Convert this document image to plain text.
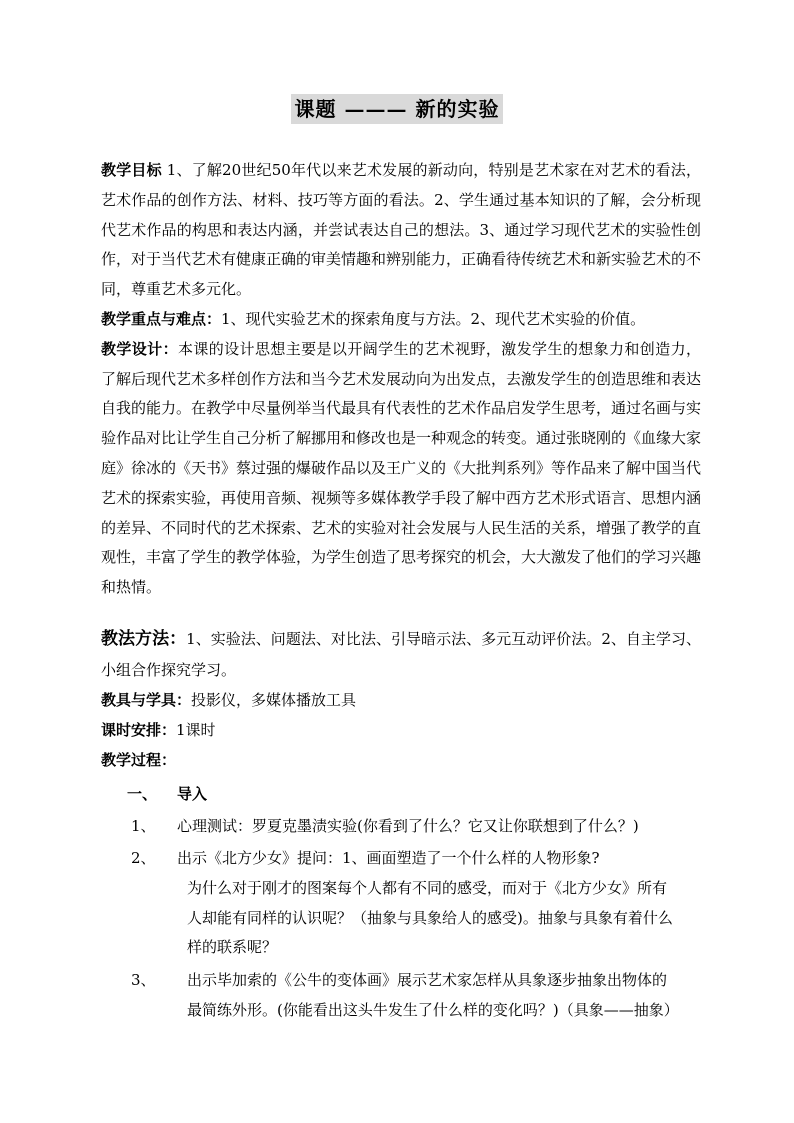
课题 ——— 新的实验

教学目标 1、了解20世纪50年代以来艺术发展的新动向，特别是艺术家在对艺术的看法，艺术作品的创作方法、材料、技巧等方面的看法。2、学生通过基本知识的了解，会分析现代艺术作品的构思和表达内涵，并尝试表达自己的想法。3、通过学习现代艺术的实验性创作，对于当代艺术有健康正确的审美情趣和辨别能力，正确看待传统艺术和新实验艺术的不同，尊重艺术多元化。

教学重点与难点：1、现代实验艺术的探索角度与方法。2、现代艺术实验的价值。

教学设计：本课的设计思想主要是以开阔学生的艺术视野，激发学生的想象力和创造力，了解后现代艺术多样创作方法和当今艺术发展动向为出发点，去激发学生的创造思维和表达自我的能力。在教学中尽量例举当代最具有代表性的艺术作品启发学生思考，通过名画与实验作品对比让学生自己分析了解挪用和修改也是一种观念的转变。通过张晓刚的《血缘大家庭》徐冰的《天书》蔡过强的爆破作品以及王广义的《大批判系列》等作品来了解中国当代艺术的探索实验，再使用音频、视频等多媒体教学手段了解中西方艺术形式语言、思想内涵的差异、不同时代的艺术探索、艺术的实验对社会发展与人民生活的关系，增强了教学的直观性，丰富了学生的教学体验，为学生创造了思考探究的机会，大大激发了他们的学习兴趣和热情。

教法方法：1、实验法、问题法、对比法、引导暗示法、多元互动评价法。2、自主学习、小组合作探究学习。

教具与学具：投影仪，多媒体播放工具

课时安排：1课时

教学过程：

一、 导入
1、 心理测试：罗夏克墨渍实验(你看到了什么？它又让你联想到了什么？)
2、 出示《北方少女》提问：1、画面塑造了一个什么样的人物形象?
为什么对于刚才的图案每个人都有不同的感受，而对于《北方少女》所有
人却能有同样的认识呢？（抽象与具象给人的感受)。抽象与具象有着什么
样的联系呢？
3、 出示毕加索的《公牛的变体画》展示艺术家怎样从具象逐步抽象出物体的
最简练外形。(你能看出这头牛发生了什么样的变化吗？)（具象——抽象）
